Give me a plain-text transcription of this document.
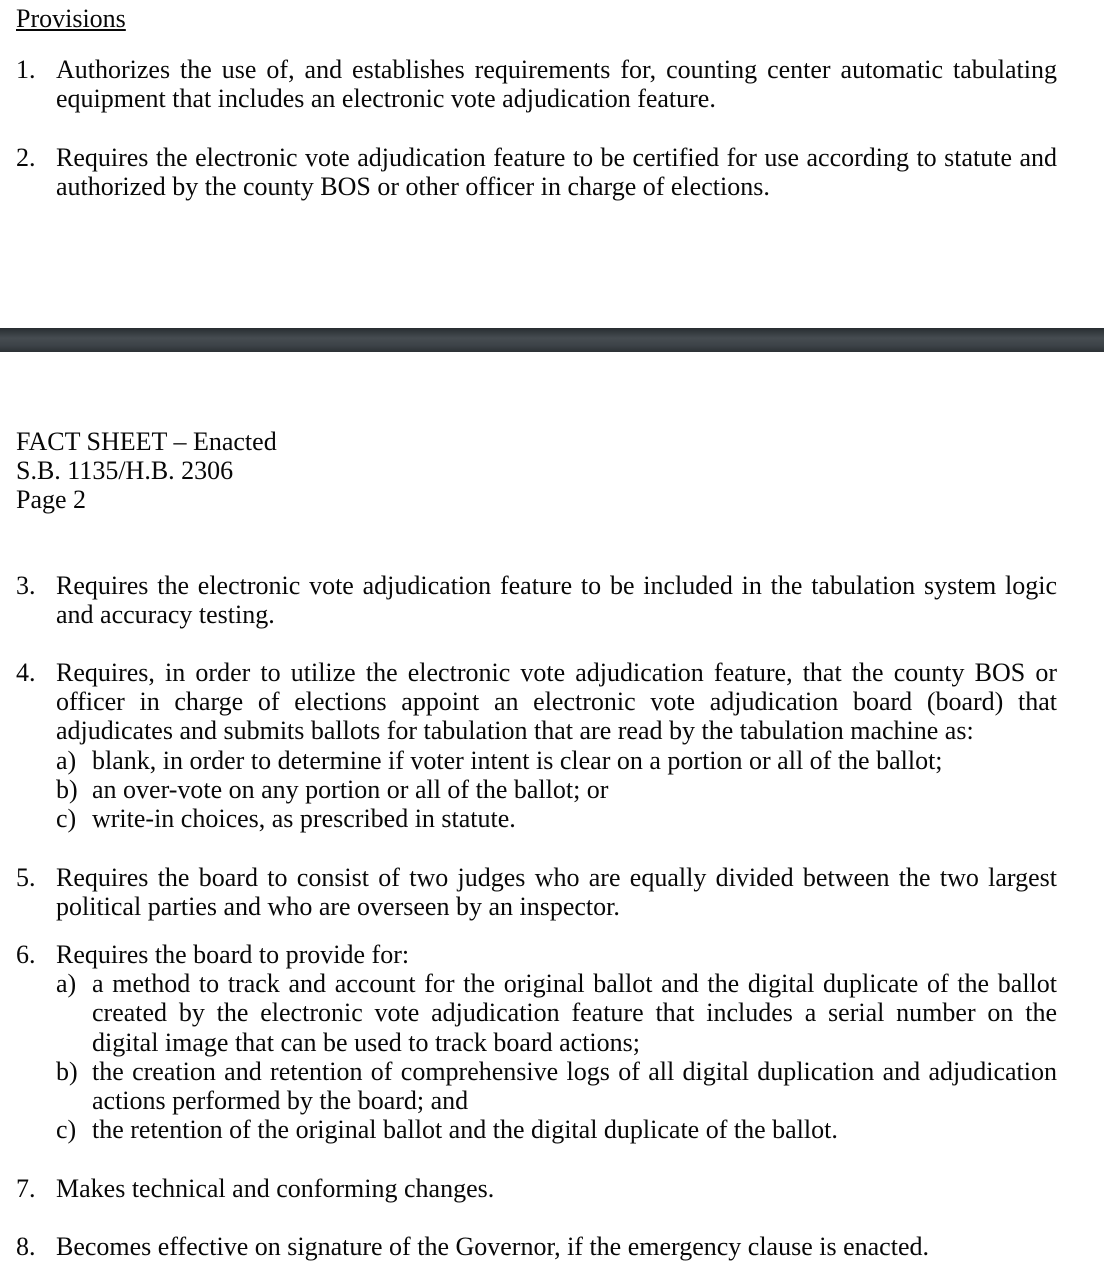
Provisions
1. Authorizes the use of, and establishes requirements for, counting center automatic tabulating equipment that includes an electronic vote adjudication feature.
2. Requires the electronic vote adjudication feature to be certified for use according to statute and authorized by the county BOS or other officer in charge of elections.
FACT SHEET – Enacted
S.B. 1135/H.B. 2306
Page 2
3. Requires the electronic vote adjudication feature to be included in the tabulation system logic and accuracy testing.
4. Requires, in order to utilize the electronic vote adjudication feature, that the county BOS or officer in charge of elections appoint an electronic vote adjudication board (board) that adjudicates and submits ballots for tabulation that are read by the tabulation machine as:
a) blank, in order to determine if voter intent is clear on a portion or all of the ballot;
b) an over-vote on any portion or all of the ballot; or
c) write-in choices, as prescribed in statute.
5. Requires the board to consist of two judges who are equally divided between the two largest political parties and who are overseen by an inspector.
6. Requires the board to provide for:
a) a method to track and account for the original ballot and the digital duplicate of the ballot created by the electronic vote adjudication feature that includes a serial number on the digital image that can be used to track board actions;
b) the creation and retention of comprehensive logs of all digital duplication and adjudication actions performed by the board; and
c) the retention of the original ballot and the digital duplicate of the ballot.
7. Makes technical and conforming changes.
8. Becomes effective on signature of the Governor, if the emergency clause is enacted.
